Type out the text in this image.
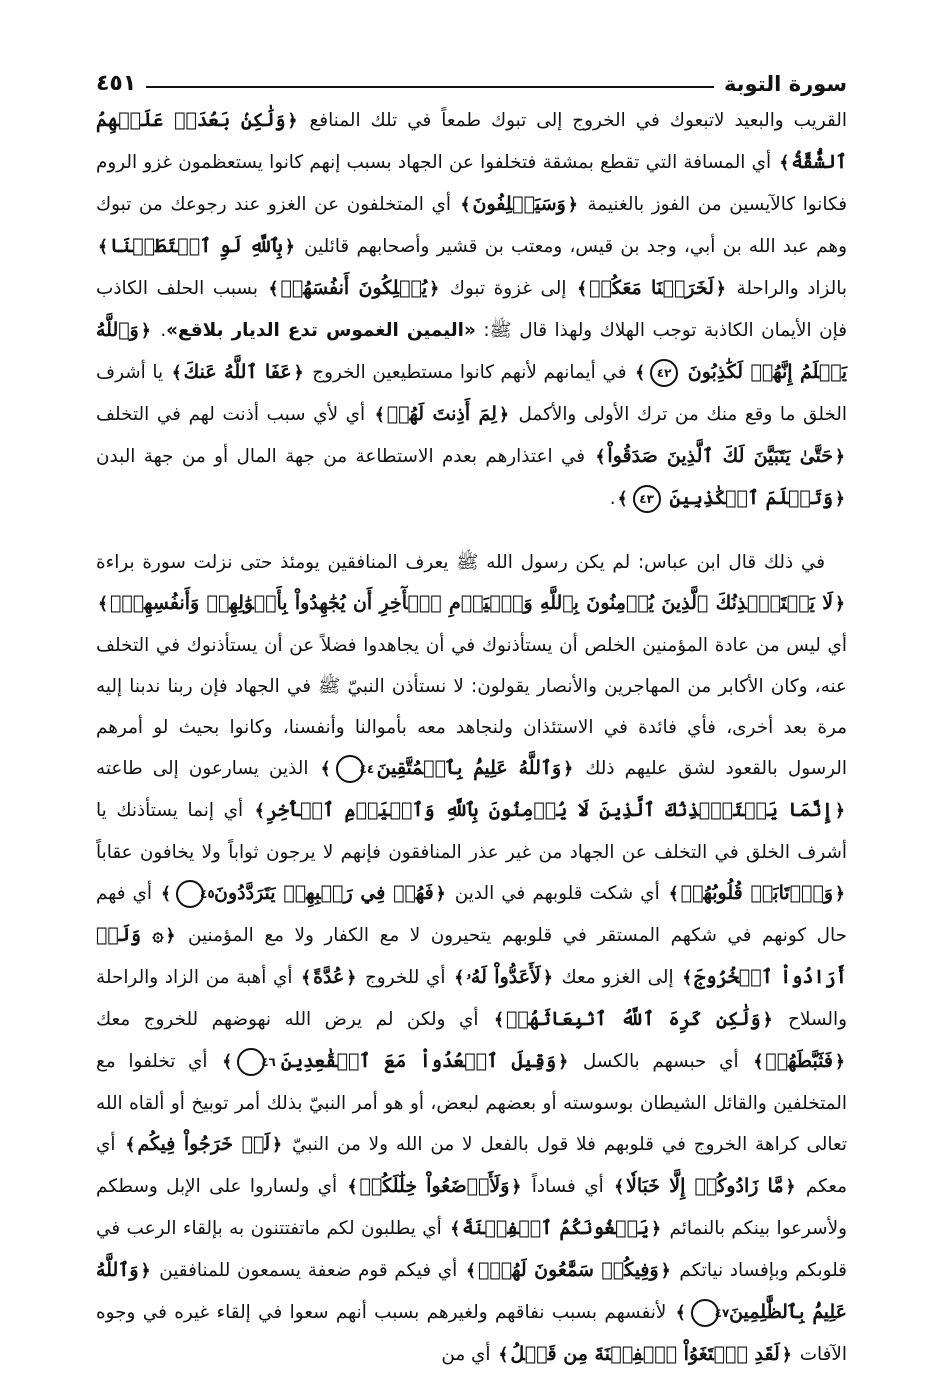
سورة التوبة
٤٥١

القريب والبعيد لاتبعوك في الخروج إلى تبوك طمعاً في تلك المنافع ﴿وَلَٰكِنۢ بَعُدَتۡ عَلَيۡهِمُ ٱلشُّقَّةُ﴾ أي المسافة التي تقطع بمشقة فتخلفوا عن الجهاد بسبب إنهم كانوا يستعظمون غزو الروم فكانوا كالآيسين من الفوز بالغنيمة ﴿وَسَيَحۡلِفُونَ﴾ أي المتخلفون عن الغزو عند رجوعك من تبوك وهم عبد الله بن أبي، وجد بن قيس، ومعتب بن قشير وأصحابهم قائلين ﴿بِٱللَّهِ لَوِ ٱسۡتَطَعۡنَا﴾ بالزاد والراحلة ﴿لَخَرَجۡنَا مَعَكُمۡ﴾ إلى غزوة تبوك ﴿يُهۡلِكُونَ أَنفُسَهُمۡ﴾ بسبب الحلف الكاذب فإن الأيمان الكاذبة توجب الهلاك ولهذا قال ﷺ: «اليمين الغموس تدع الديار بلاقع». ﴿وَٱللَّهُ يَعۡلَمُ إِنَّهُمۡ لَكَٰذِبُونَ ٤٢﴾ في أيمانهم لأنهم كانوا مستطيعين الخروج ﴿عَفَا ٱللَّهُ عَنكَ﴾ يا أشرف الخلق ما وقع منك من ترك الأولى والأكمل ﴿لِمَ أَذِنتَ لَهُمۡ﴾ أي لأي سبب أذنت لهم في التخلف ﴿حَتَّىٰ يَتَبَيَّنَ لَكَ ٱلَّذِينَ صَدَقُواْ﴾ في اعتذارهم بعدم الاستطاعة من جهة المال أو من جهة البدن ﴿وَتَعۡلَمَ ٱلۡكَٰذِبِينَ ٤٣﴾.

في ذلك قال ابن عباس: لم يكن رسول الله ﷺ يعرف المنافقين يومئذ حتى نزلت سورة براءة ﴿لَا يَسۡتَـٔۡذِنُكَ ٱلَّذِينَ يُؤۡمِنُونَ بِٱللَّهِ وَٱلۡيَوۡمِ ٱلۡأٓخِرِ أَن يُجَٰهِدُواْ بِأَمۡوَٰلِهِمۡ وَأَنفُسِهِمۡۗ﴾ أي ليس من عادة المؤمنين الخلص أن يستأذنوك في أن يجاهدوا فضلاً عن أن يستأذنوك في التخلف عنه، وكان الأكابر من المهاجرين والأنصار يقولون: لا نستأذن النبيّ ﷺ في الجهاد فإن ربنا ندبنا إليه مرة بعد أخرى، فأي فائدة في الاستئذان ولنجاهد معه بأموالنا وأنفسنا، وكانوا بحيث لو أمرهم الرسول بالقعود لشق عليهم ذلك ﴿وَٱللَّهُ عَلِيمُۢ بِٱلۡمُتَّقِينَ ٤٤﴾ الذين يسارعون إلى طاعته ﴿إِنَّمَا يَسۡتَـٔۡذِنُكَ ٱلَّذِينَ لَا يُؤۡمِنُونَ بِٱللَّهِ وَٱلۡيَوۡمِ ٱلۡأٓخِرِ﴾ أي إنما يستأذنك يا أشرف الخلق في التخلف عن الجهاد من غير عذر المنافقون فإنهم لا يرجون ثواباً ولا يخافون عقاباً ﴿وَٱرۡتَابَتۡ قُلُوبُهُمۡ﴾ أي شكت قلوبهم في الدين ﴿فَهُمۡ فِي رَيۡبِهِمۡ يَتَرَدَّدُونَ ٤٥﴾ أي فهم حال كونهم في شكهم المستقر في قلوبهم يتحيرون لا مع الكفار ولا مع المؤمنين ﴿۞ وَلَوۡ أَرَادُواْ ٱلۡخُرُوجَ﴾ إلى الغزو معك ﴿لَأَعَدُّواْ لَهُۥ﴾ أي للخروج ﴿عُدَّةً﴾ أي أهبة من الزاد والراحلة والسلاح ﴿وَلَٰكِن كَرِهَ ٱللَّهُ ٱنۢبِعَاثَهُمۡ﴾ أي ولكن لم يرض الله نهوضهم للخروج معك ﴿فَثَبَّطَهُمۡ﴾ أي حبسهم بالكسل ﴿وَقِيلَ ٱقۡعُدُواْ مَعَ ٱلۡقَٰعِدِينَ ٤٦﴾ أي تخلفوا مع المتخلفين والقائل الشيطان بوسوسته أو بعضهم لبعض، أو هو أمر النبيّ بذلك أمر توبيخ أو ألقاه الله تعالى كراهة الخروج في قلوبهم فلا قول بالفعل لا من الله ولا من النبيّ ﴿لَوۡ خَرَجُواْ فِيكُم﴾ أي معكم ﴿مَّا زَادُوكُمۡ إِلَّا خَبَالٗا﴾ أي فساداً ﴿وَلَأَوۡضَعُواْ خِلَٰلَكُمۡ﴾ أي ولساروا على الإبل وسطكم ولأسرعوا بينكم بالنمائم ﴿يَبۡغُونَكُمُ ٱلۡفِتۡنَةَ﴾ أي يطلبون لكم ماتفتتنون به بإلقاء الرعب في قلوبكم وبإفساد نياتكم ﴿وَفِيكُمۡ سَمَّٰعُونَ لَهُمۡۗ﴾ أي فيكم قوم ضعفة يسمعون للمنافقين ﴿وَٱللَّهُ عَلِيمُۢ بِٱلظَّٰلِمِينَ ٤٧﴾ لأنفسهم بسبب نفاقهم ولغيرهم بسبب أنهم سعوا في إلقاء غيره في وجوه الآفات ﴿لَقَدِ ٱبۡتَغَوُاْ ٱلۡفِتۡنَةَ مِن قَبۡلُ﴾ أي من
